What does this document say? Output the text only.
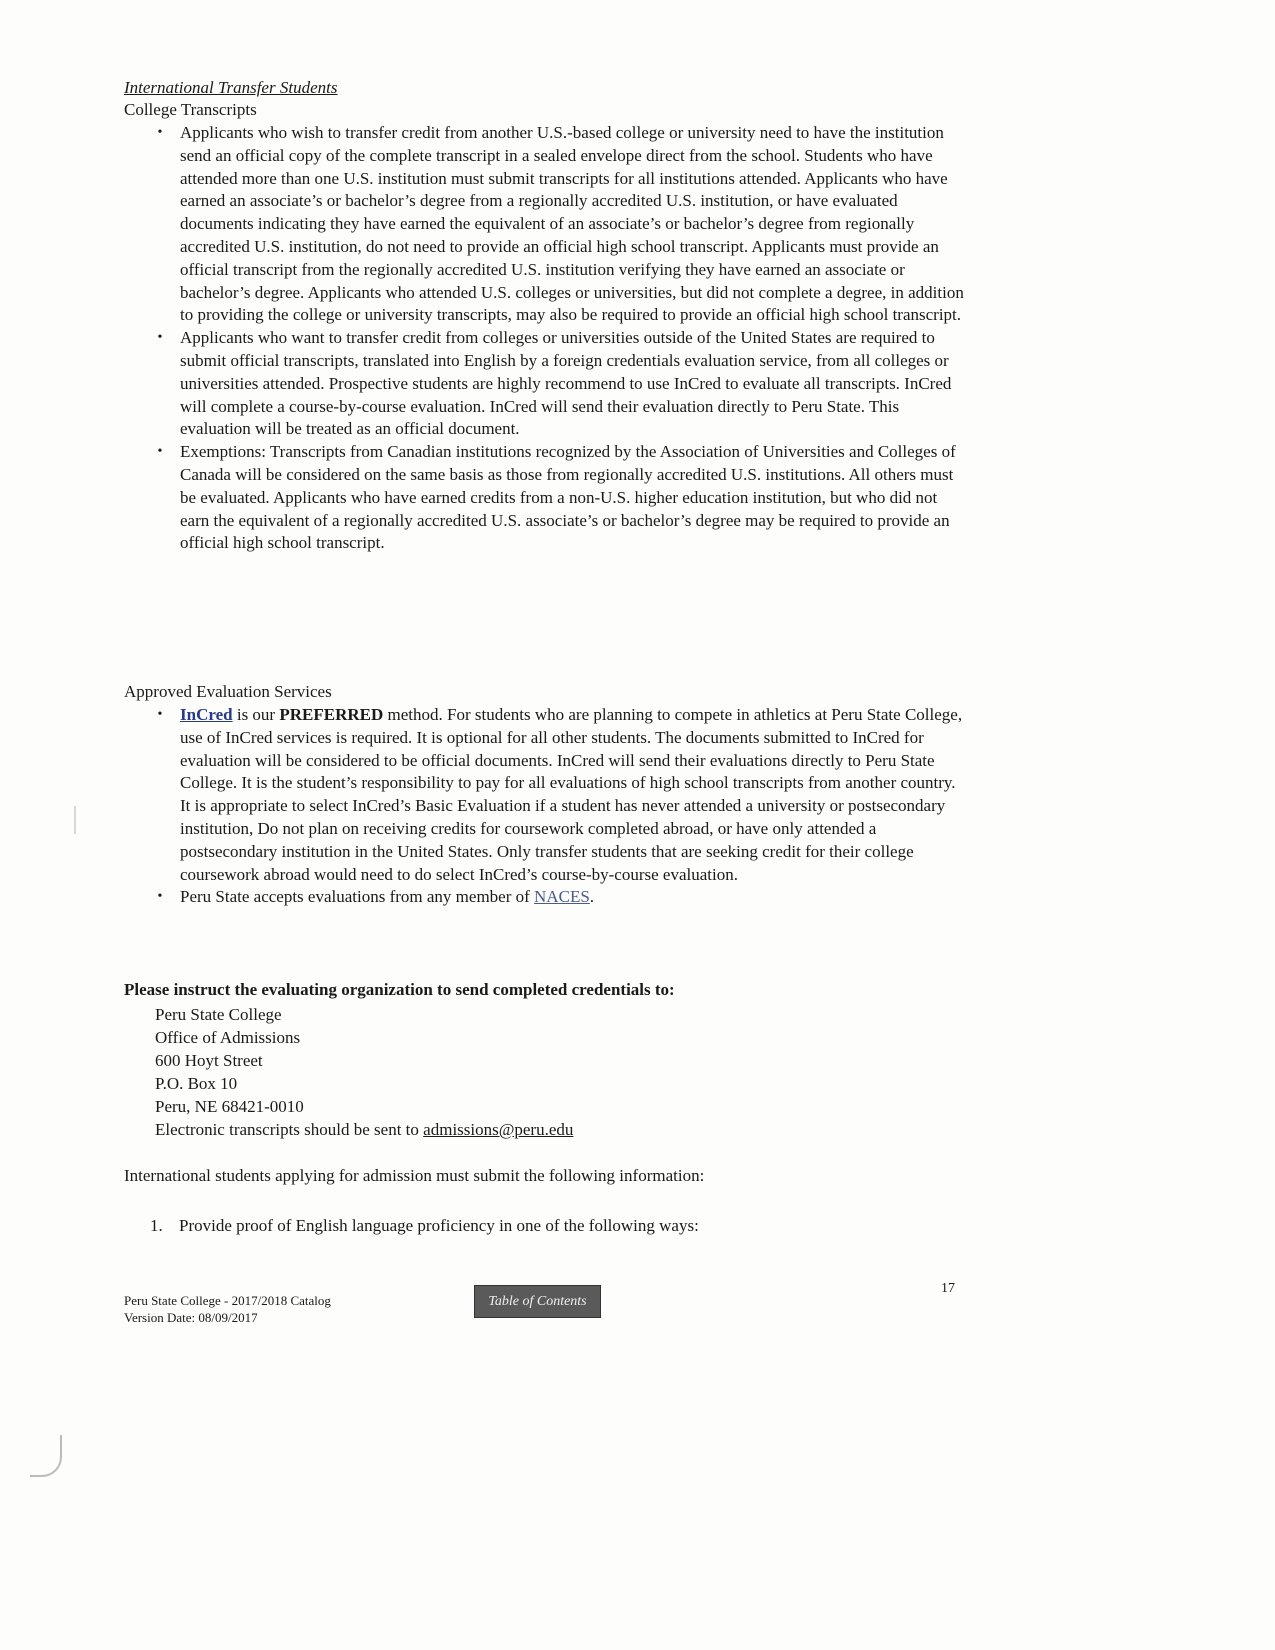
International Transfer Students
College Transcripts
•	Applicants who wish to transfer credit from another U.S.-based college or university need to have the institution send an official copy of the complete transcript in a sealed envelope direct from the school. Students who have attended more than one U.S. institution must submit transcripts for all institutions attended. Applicants who have earned an associate’s or bachelor’s degree from a regionally accredited U.S. institution, or have evaluated documents indicating they have earned the equivalent of an associate’s or bachelor’s degree from regionally accredited U.S. institution, do not need to provide an official high school transcript. Applicants must provide an official transcript from the regionally accredited U.S. institution verifying they have earned an associate or bachelor’s degree. Applicants who attended U.S. colleges or universities, but did not complete a degree, in addition to providing the college or university transcripts, may also be required to provide an official high school transcript.
•	Applicants who want to transfer credit from colleges or universities outside of the United States are required to submit official transcripts, translated into English by a foreign credentials evaluation service, from all colleges or universities attended. Prospective students are highly recommend to use InCred to evaluate all transcripts. InCred will complete a course-by-course evaluation. InCred will send their evaluation directly to Peru State. This evaluation will be treated as an official document.
•	Exemptions: Transcripts from Canadian institutions recognized by the Association of Universities and Colleges of Canada will be considered on the same basis as those from regionally accredited U.S. institutions. All others must be evaluated. Applicants who have earned credits from a non-U.S. higher education institution, but who did not earn the equivalent of a regionally accredited U.S. associate’s or bachelor’s degree may be required to provide an official high school transcript.
Approved Evaluation Services
•	InCred is our PREFERRED method. For students who are planning to compete in athletics at Peru State College, use of InCred services is required. It is optional for all other students. The documents submitted to InCred for evaluation will be considered to be official documents. InCred will send their evaluations directly to Peru State College. It is the student’s responsibility to pay for all evaluations of high school transcripts from another country. It is appropriate to select InCred’s Basic Evaluation if a student has never attended a university or postsecondary institution, Do not plan on receiving credits for coursework completed abroad, or have only attended a postsecondary institution in the United States. Only transfer students that are seeking credit for their college coursework abroad would need to do select InCred’s course-by-course evaluation.
•	Peru State accepts evaluations from any member of NACES.
Please instruct the evaluating organization to send completed credentials to:
Peru State College
Office of Admissions
600 Hoyt Street
P.O. Box 10
Peru, NE 68421-0010
Electronic transcripts should be sent to admissions@peru.edu
International students applying for admission must submit the following information:
1. Provide proof of English language proficiency in one of the following ways:
Peru State College - 2017/2018 Catalog
Version Date: 08/09/2017
Table of Contents
17
